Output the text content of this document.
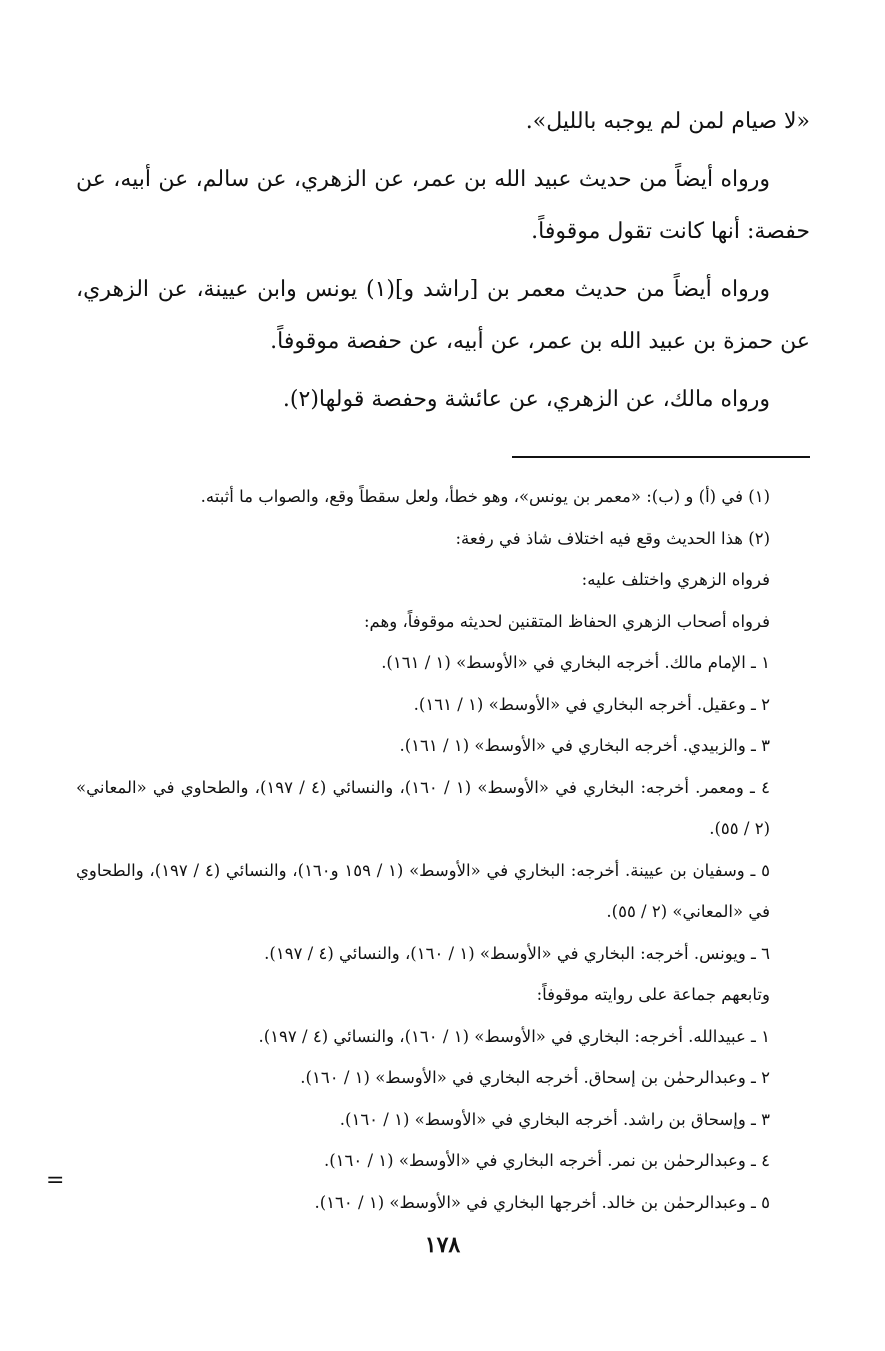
«لا صيام لمن لم يوجبه بالليل».

ورواه أيضاً من حديث عبيد الله بن عمر، عن الزهري، عن سالم، عن أبيه، عن حفصة: أنها كانت تقول موقوفاً.

ورواه أيضاً من حديث معمر بن [راشد و](١) يونس وابن عيينة، عن الزهري، عن حمزة بن عبيد الله بن عمر، عن أبيه، عن حفصة موقوفاً.

ورواه مالك، عن الزهري، عن عائشة وحفصة قولها(٢).

(١) في (أ) و (ب): «معمر بن يونس»، وهو خطأ، ولعل سقطاً وقع، والصواب ما أثبته.

(٢) هذا الحديث وقع فيه اختلاف شاذ في رفعة:

فرواه الزهري واختلف عليه:

فرواه أصحاب الزهري الحفاظ المتقنين لحديثه موقوفاً، وهم:

١ ـ الإمام مالك. أخرجه البخاري في «الأوسط» (١ / ١٦١).

٢ ـ وعقيل. أخرجه البخاري في «الأوسط» (١ / ١٦١).

٣ ـ والزبيدي. أخرجه البخاري في «الأوسط» (١ / ١٦١).

٤ ـ ومعمر. أخرجه: البخاري في «الأوسط» (١ / ١٦٠)، والنسائي (٤ / ١٩٧)، والطحاوي في «المعاني» (٢ / ٥٥).

٥ ـ وسفيان بن عيينة. أخرجه: البخاري في «الأوسط» (١ / ١٥٩ و١٦٠)، والنسائي (٤ / ١٩٧)، والطحاوي في «المعاني» (٢ / ٥٥).

٦ ـ ويونس. أخرجه: البخاري في «الأوسط» (١ / ١٦٠)، والنسائي (٤ / ١٩٧).

وتابعهم جماعة على روايته موقوفاً:

١ ـ عبيدالله. أخرجه: البخاري في «الأوسط» (١ / ١٦٠)، والنسائي (٤ / ١٩٧).

٢ ـ وعبدالرحمٰن بن إسحاق. أخرجه البخاري في «الأوسط» (١ / ١٦٠).

٣ ـ وإسحاق بن راشد. أخرجه البخاري في «الأوسط» (١ / ١٦٠).

٤ ـ وعبدالرحمٰن بن نمر. أخرجه البخاري في «الأوسط» (١ / ١٦٠).

٥ ـ وعبدالرحمٰن بن خالد. أخرجها البخاري في «الأوسط» (١ / ١٦٠).

=
١٧٨
